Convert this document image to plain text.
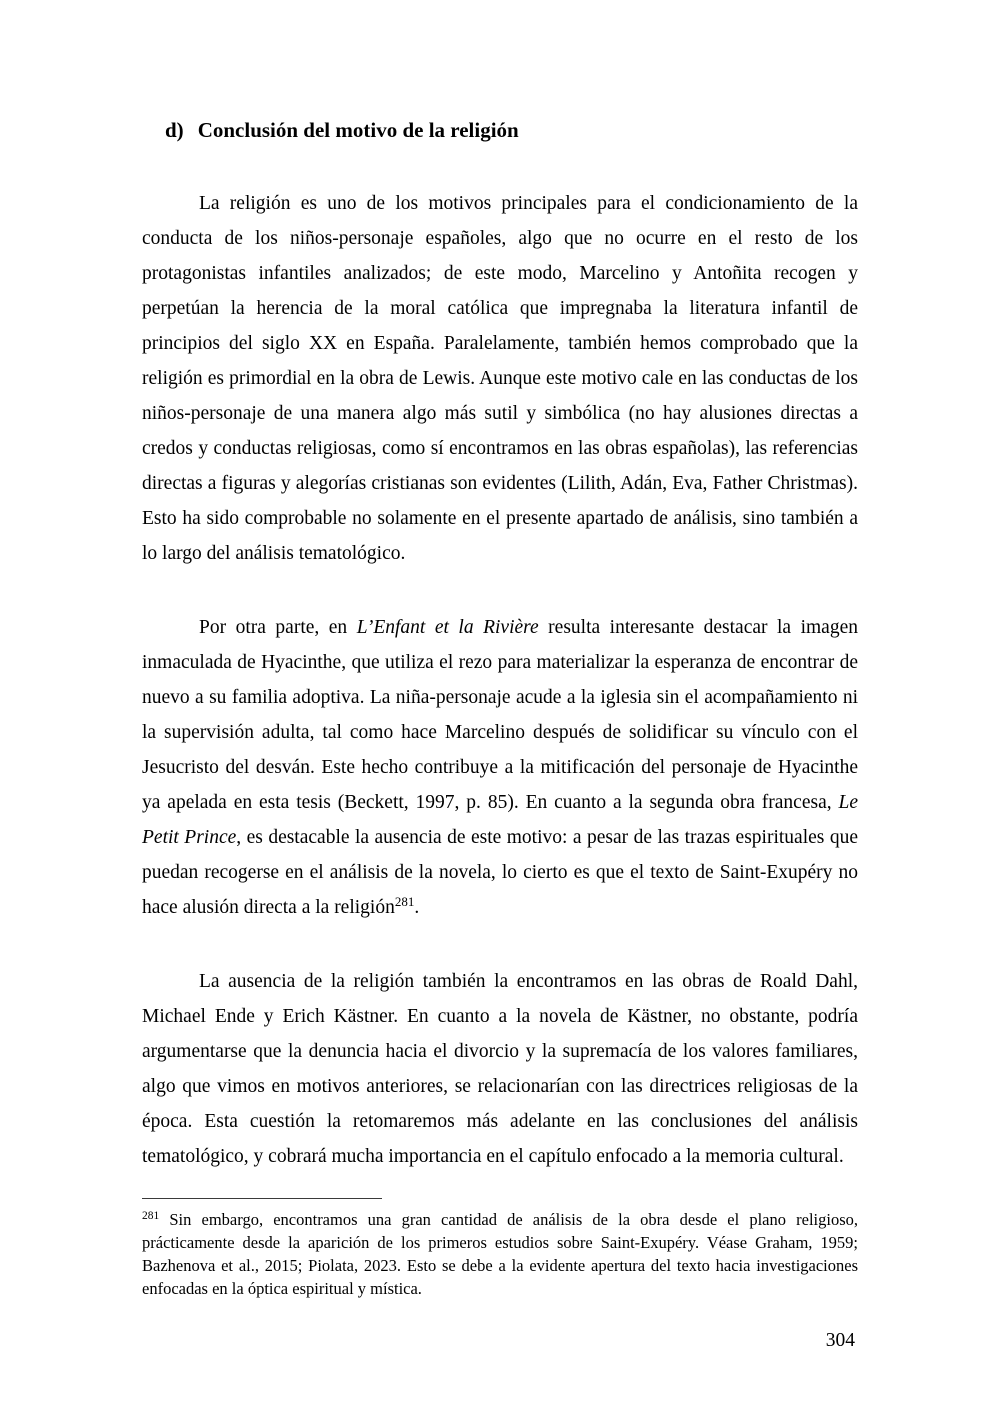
d) Conclusión del motivo de la religión

La religión es uno de los motivos principales para el condicionamiento de la conducta de los niños-personaje españoles, algo que no ocurre en el resto de los protagonistas infantiles analizados; de este modo, Marcelino y Antoñita recogen y perpetúan la herencia de la moral católica que impregnaba la literatura infantil de principios del siglo XX en España. Paralelamente, también hemos comprobado que la religión es primordial en la obra de Lewis. Aunque este motivo cale en las conductas de los niños-personaje de una manera algo más sutil y simbólica (no hay alusiones directas a credos y conductas religiosas, como sí encontramos en las obras españolas), las referencias directas a figuras y alegorías cristianas son evidentes (Lilith, Adán, Eva, Father Christmas). Esto ha sido comprobable no solamente en el presente apartado de análisis, sino también a lo largo del análisis tematológico.

Por otra parte, en L’Enfant et la Rivière resulta interesante destacar la imagen inmaculada de Hyacinthe, que utiliza el rezo para materializar la esperanza de encontrar de nuevo a su familia adoptiva. La niña-personaje acude a la iglesia sin el acompañamiento ni la supervisión adulta, tal como hace Marcelino después de solidificar su vínculo con el Jesucristo del desván. Este hecho contribuye a la mitificación del personaje de Hyacinthe ya apelada en esta tesis (Beckett, 1997, p. 85). En cuanto a la segunda obra francesa, Le Petit Prince, es destacable la ausencia de este motivo: a pesar de las trazas espirituales que puedan recogerse en el análisis de la novela, lo cierto es que el texto de Saint-Exupéry no hace alusión directa a la religión$^{281}$.

La ausencia de la religión también la encontramos en las obras de Roald Dahl, Michael Ende y Erich Kästner. En cuanto a la novela de Kästner, no obstante, podría argumentarse que la denuncia hacia el divorcio y la supremacía de los valores familiares, algo que vimos en motivos anteriores, se relacionarían con las directrices religiosas de la época. Esta cuestión la retomaremos más adelante en las conclusiones del análisis tematológico, y cobrará mucha importancia en el capítulo enfocado a la memoria cultural.

$^{281}$ Sin embargo, encontramos una gran cantidad de análisis de la obra desde el plano religioso, prácticamente desde la aparición de los primeros estudios sobre Saint-Exupéry. Véase Graham, 1959; Bazhenova et al., 2015; Piolata, 2023. Esto se debe a la evidente apertura del texto hacia investigaciones enfocadas en la óptica espiritual y mística.

304
